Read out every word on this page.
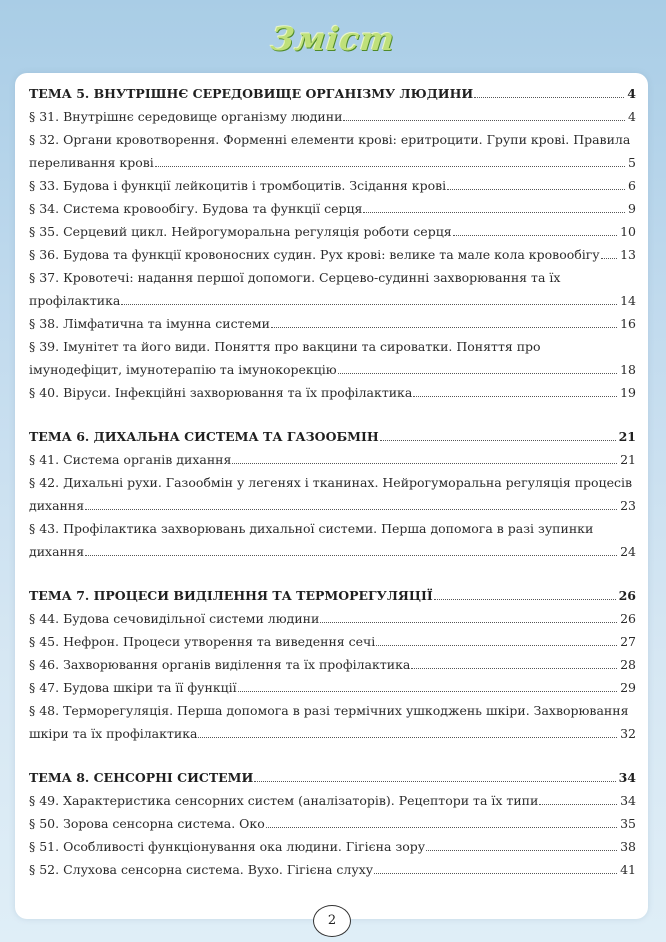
Зміст
ТЕМА 5. ВНУТРІШНЄ СЕРЕДОВИЩЕ ОРГАНІЗМУ ЛЮДИНИ	4
§ 31. Внутрішнє середовище організму людини	4
§ 32. Органи кровотворення. Форменні елементи крові: еритроцити. Групи крові. Правила
переливання крові	5
§ 33. Будова і функції лейкоцитів і тромбоцитів. Зсідання крові	6
§ 34. Система кровообігу. Будова та функції серця	9
§ 35. Серцевий цикл. Нейрогуморальна регуляція роботи серця	10
§ 36. Будова та функції кровоносних судин. Рух крові: велике та мале кола кровообігу 13
§ 37. Кровотечі: надання першої допомоги. Серцево-судинні захворювання та їх
профілактика	14
§ 38. Лімфатична та імунна системи	16
§ 39. Імунітет та його види. Поняття про вакцини та сироватки. Поняття про
імунодефіцит, імунотерапію та імунокорекцію	18
§ 40. Віруси. Інфекційні захворювання та їх профілактика	19
ТЕМА 6. ДИХАЛЬНА СИСТЕМА ТА ГАЗООБМІН	21
§ 41. Система органів дихання	21
§ 42. Дихальні рухи. Газообмін у легенях і тканинах. Нейрогуморальна регуляція процесів
дихання	23
§ 43. Профілактика захворювань дихальної системи. Перша допомога в разі зупинки
дихання	24
ТЕМА 7. ПРОЦЕСИ ВИДІЛЕННЯ ТА ТЕРМОРЕГУЛЯЦІЇ	26
§ 44. Будова сечовидільної системи людини	26
§ 45. Нефрон. Процеси утворення та виведення сечі	27
§ 46. Захворювання органів виділення та їх профілактика	28
§ 47. Будова шкіри та її функції	29
§ 48. Терморегуляція. Перша допомога в разі термічних ушкоджень шкіри. Захворювання
шкіри та їх профілактика	32
ТЕМА 8. СЕНСОРНІ СИСТЕМИ	34
§ 49. Характеристика сенсорних систем (аналізаторів). Рецептори та їх типи	34
§ 50. Зорова сенсорна система. Око	35
§ 51. Особливості функціонування ока людини. Гігієна зору	38
§ 52. Слухова сенсорна система. Вухо. Гігієна слуху	41
2
